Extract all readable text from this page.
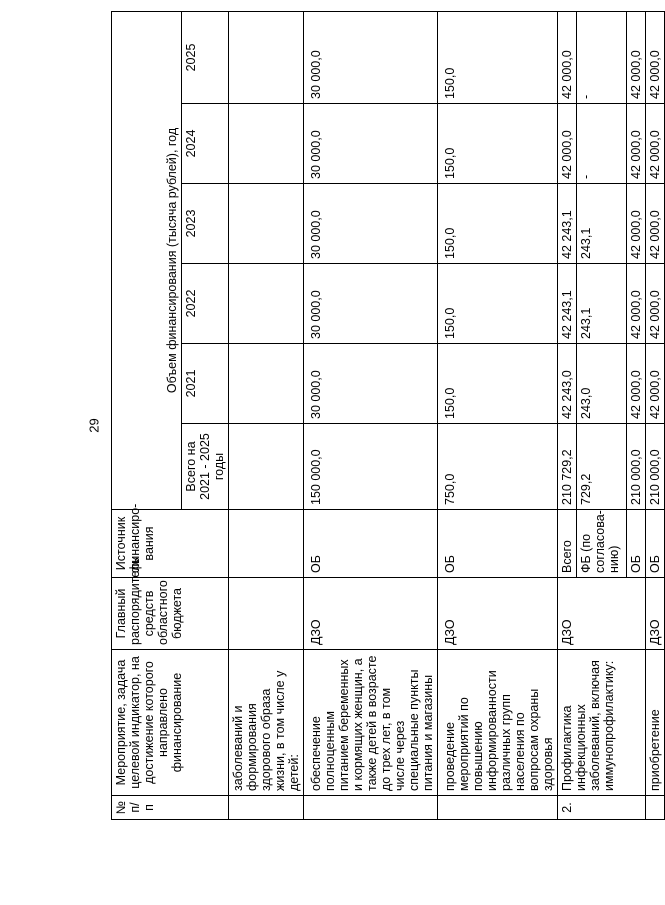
29
№ п/п	Мероприятие, задача целевой индикатор, на достижение которого направлено финансирование	Главный распорядитель средств областного бюджета	Источник финансиро-вания	Объем финансирования (тысяча рублей), год					
				Всего на 2021 - 2025 годы	2021	2022	2023	2024	2025
	заболеваний и формирования здорового образа жизни, в том числе у детей:								
	обеспечение полноценным питанием беременных и кормящих женщин, а также детей в возрасте до трех лет, в том числе через специальные пункты питания и магазины	ДЗО	ОБ	150 000,0	30 000,0	30 000,0	30 000,0	30 000,0	30 000,0
	проведение мероприятий по повышению информированности различных групп населения по вопросам охраны здоровья	ДЗО	ОБ	750,0	150,0	150,0	150,0	150,0	150,0
2.	Профилактика инфекционных заболеваний, включая иммунопрофилактику:	ДЗО	Всего	210 729,2	42 243,0	42 243,1	42 243,1	42 000,0	42 000,0
			ФБ (по согласова-нию)	729,2	243,0	243,1	243,1	-	-
			ОБ	210 000,0	42 000,0	42 000,0	42 000,0	42 000,0	42 000,0
	приобретение	ДЗО	ОБ	210 000,0	42 000,0	42 000,0	42 000,0	42 000,0	42 000,0
